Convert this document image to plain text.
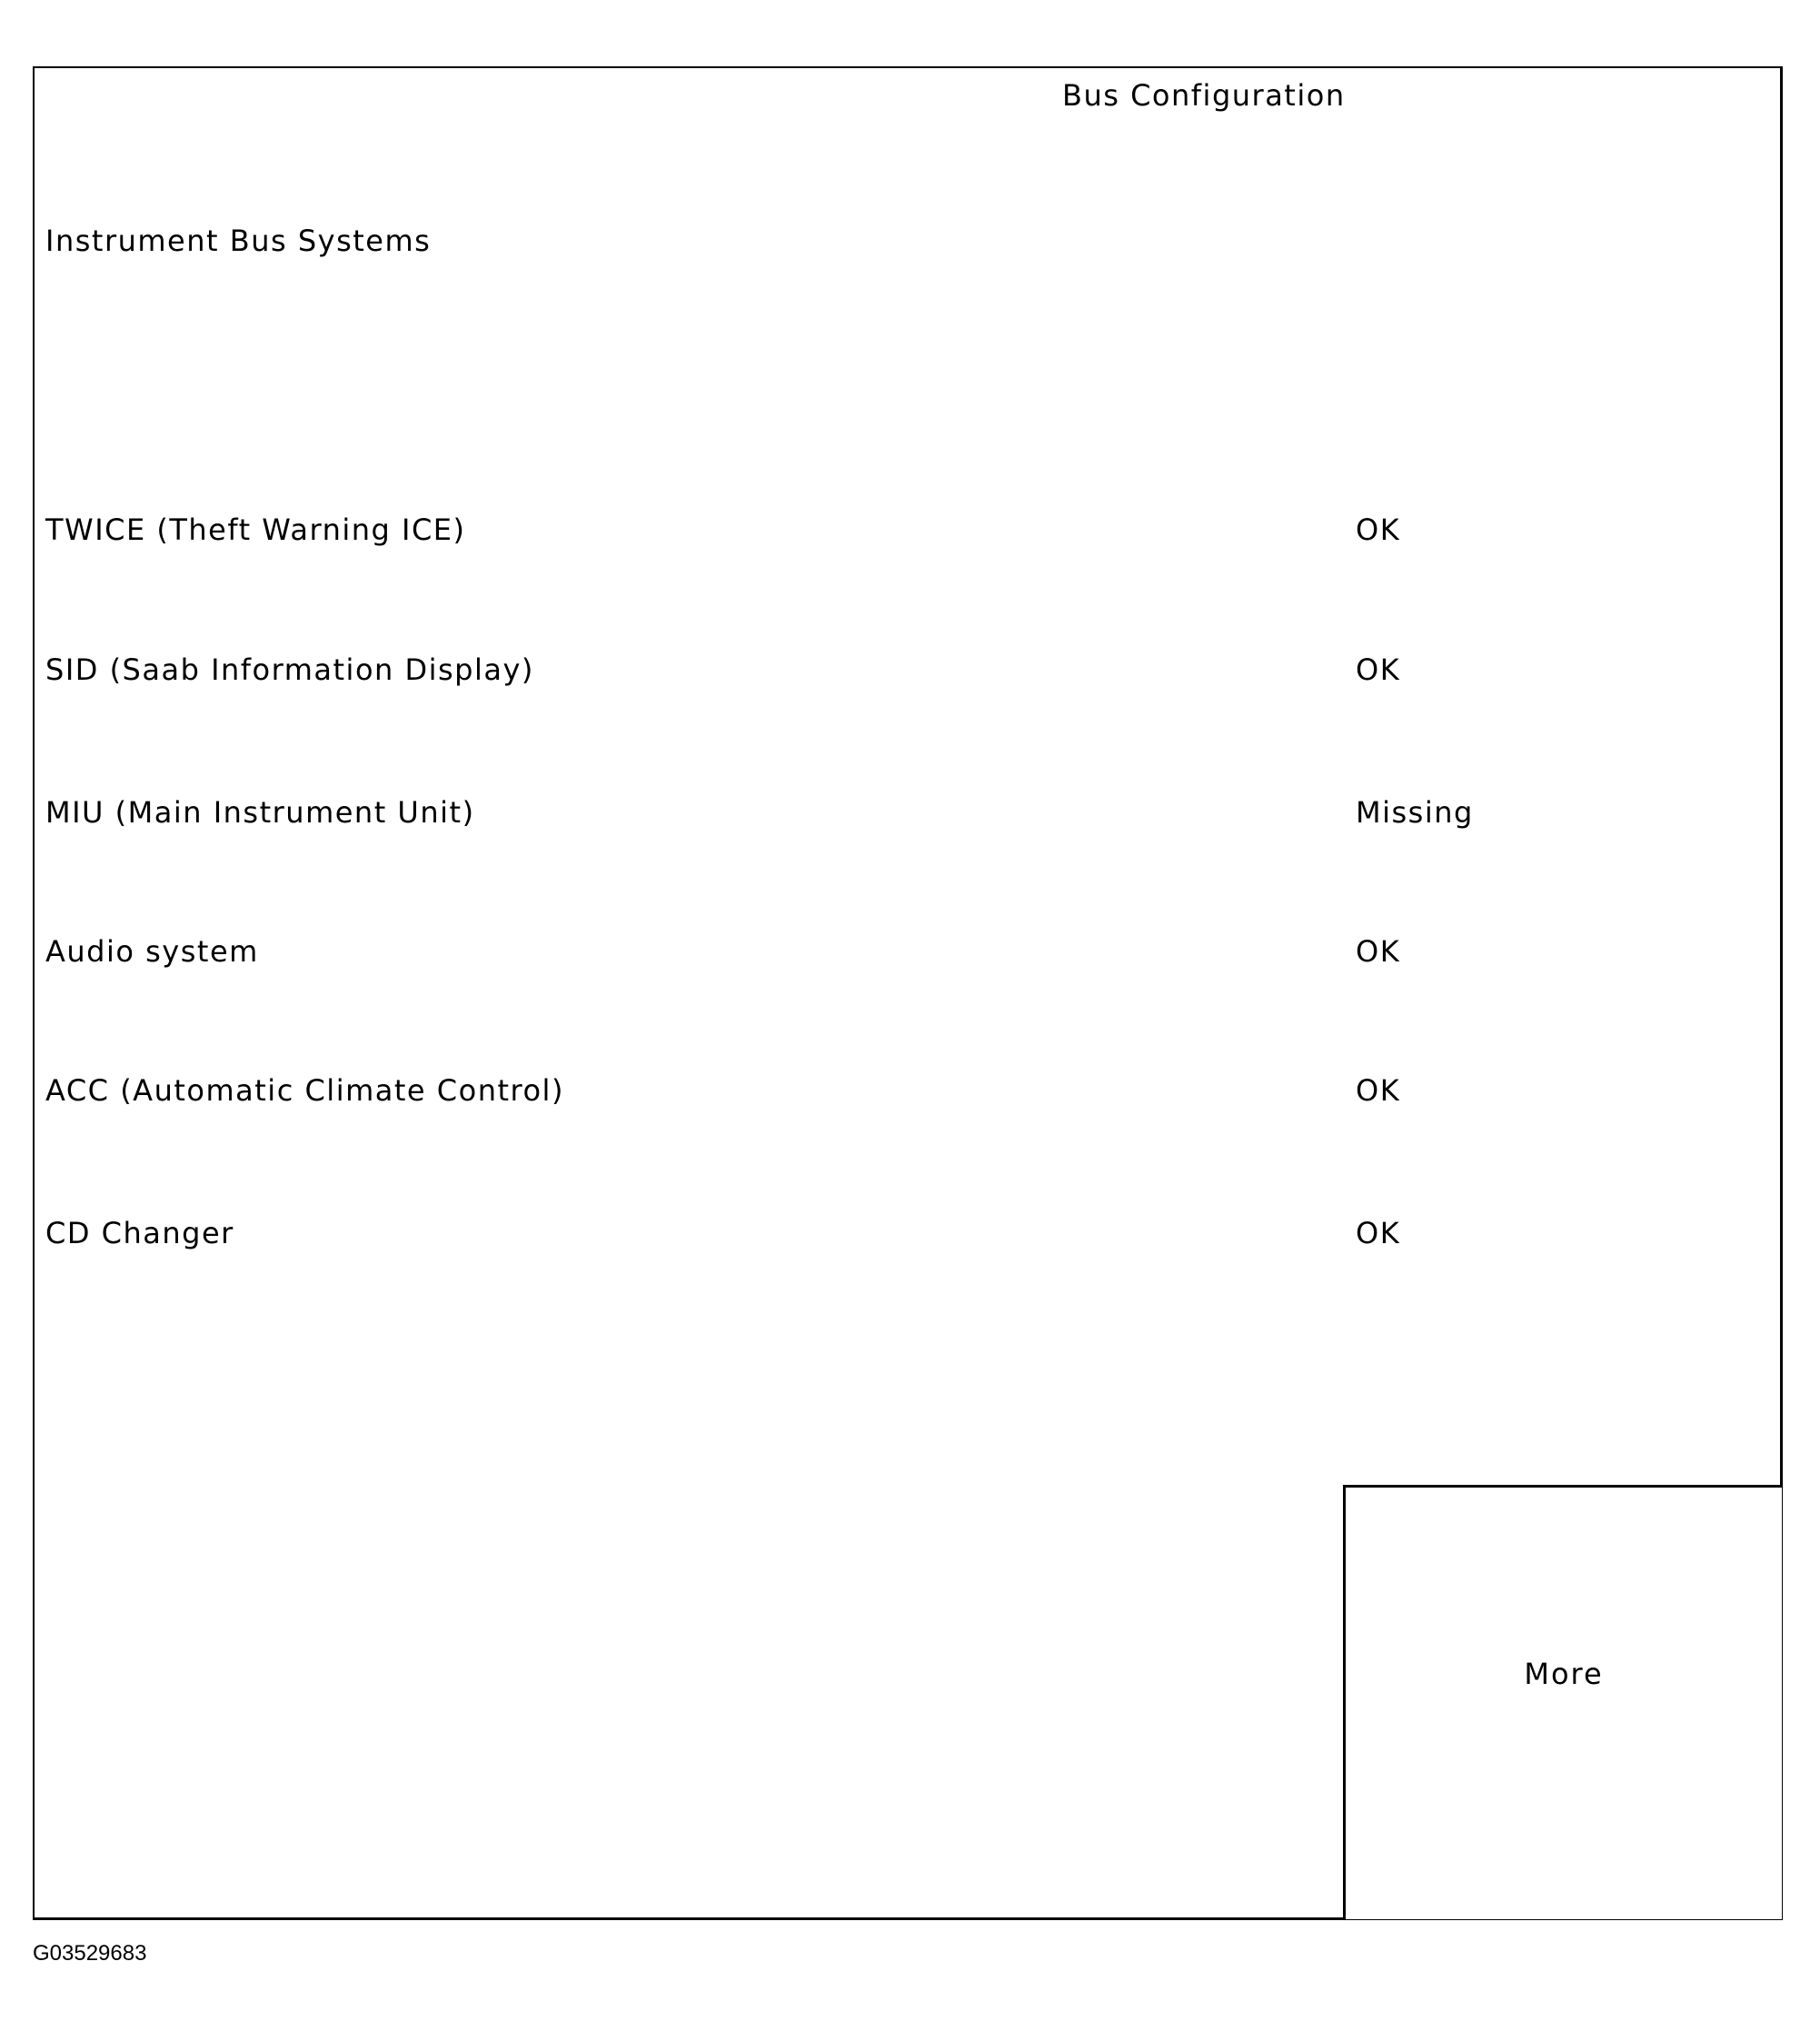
Bus Configuration
Instrument Bus Systems
TWICE (Theft Warning ICE)	OK
SID (Saab Information Display)	OK
MIU (Main Instrument Unit)	Missing
Audio system	OK
ACC (Automatic Climate Control)	OK
CD Changer	OK
More
G03529683
